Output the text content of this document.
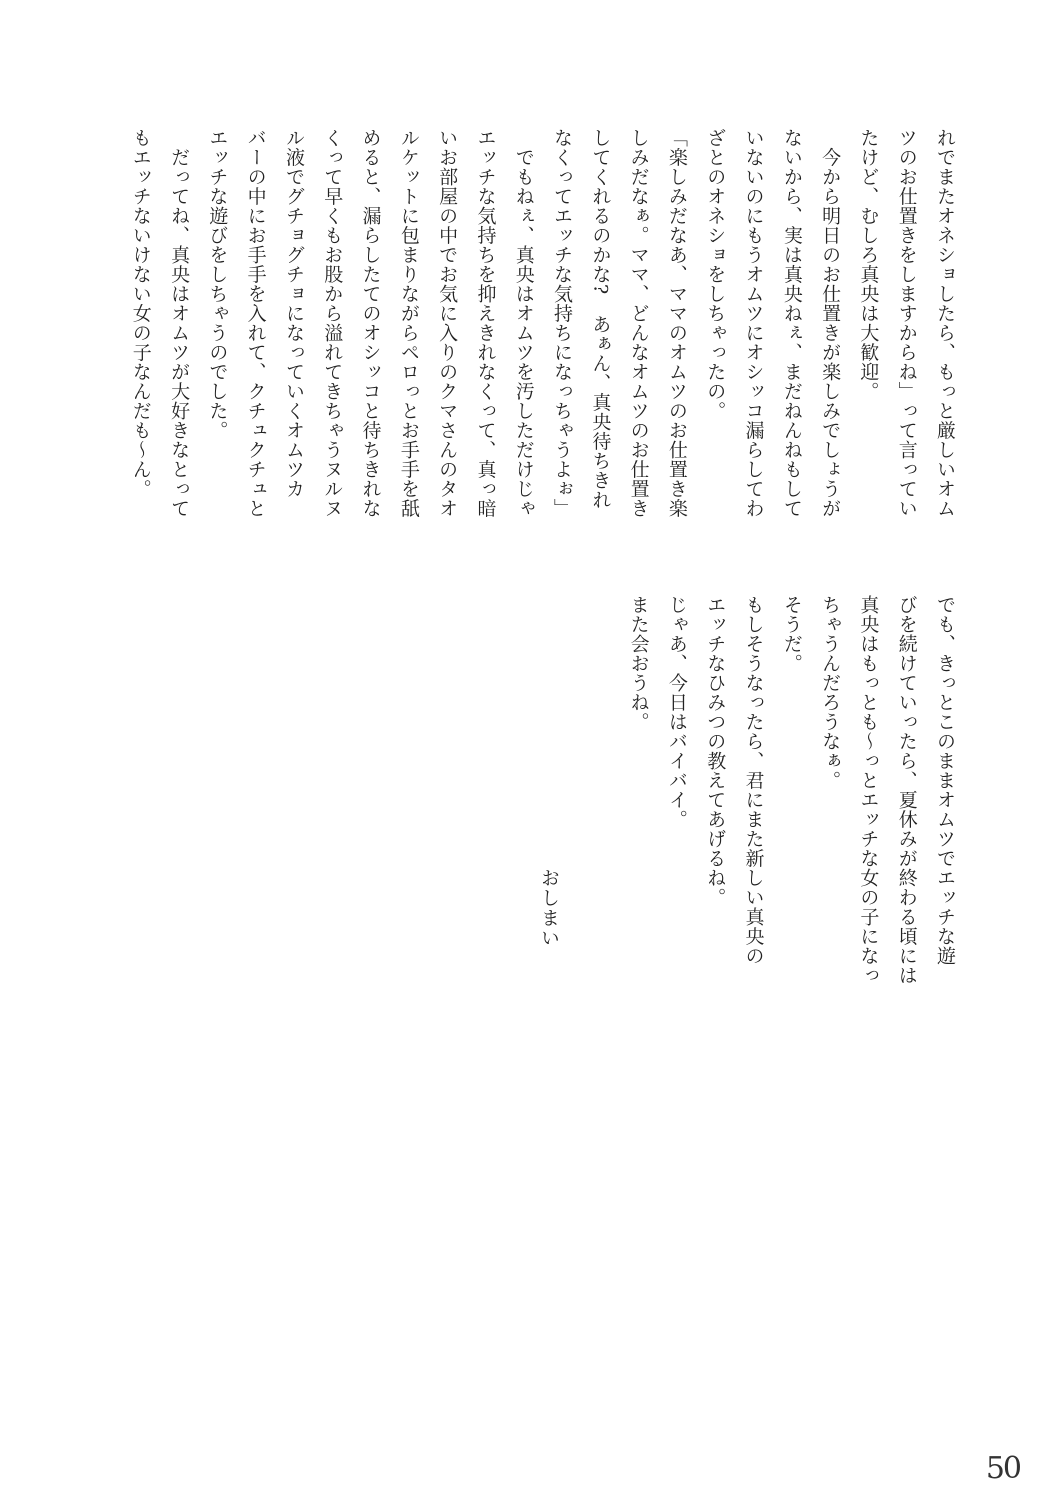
れでまたオネショしたら、もっと厳しいオム
ツのお仕置きをしますからね」って言ってい
たけど、むしろ真央は大歓迎。
　今から明日のお仕置きが楽しみでしょうが
ないから、実は真央ねぇ、まだねんねもして
いないのにもうオムツにオシッコ漏らしてわ
ざとのオネショをしちゃったの。
「楽しみだなあ、ママのオムツのお仕置き楽
しみだなぁ。ママ、どんなオムツのお仕置き
してくれるのかな?　あぁん、真央待ちきれ
なくってエッチな気持ちになっちゃうよぉ」
　でもねぇ、真央はオムツを汚しただけじゃ
エッチな気持ちを抑えきれなくって、真っ暗
いお部屋の中でお気に入りのクマさんのタオ
ルケットに包まりながらペロっとお手手を舐
めると、漏らしたてのオシッコと待ちきれな
くって早くもお股から溢れてきちゃうヌルヌ
ル液でグチョグチョになっていくオムツカ
バーの中にお手手を入れて、クチュクチュと
エッチな遊びをしちゃうのでした。
　だってね、真央はオムツが大好きなとって
もエッチないけない女の子なんだも～ん。
でも、きっとこのままオムツでエッチな遊
びを続けていったら、夏休みが終わる頃には
真央はもっとも～っとエッチな女の子になっ
ちゃうんだろうなぁ。
そうだ。
もしそうなったら、君にまた新しい真央の
エッチなひみつの教えてあげるね。
じゃあ、今日はバイバイ。
また会おうね。
おしまい
50
